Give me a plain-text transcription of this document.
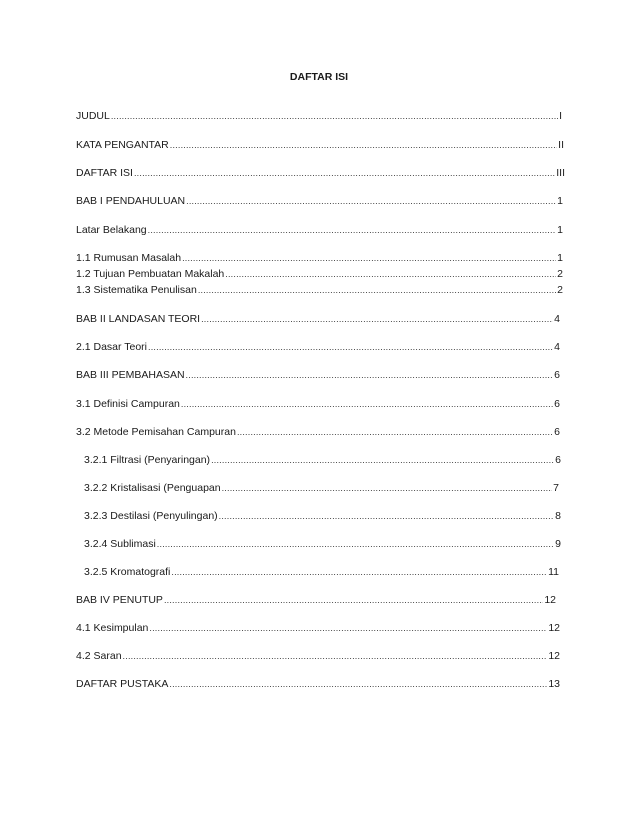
DAFTAR ISI
JUDUL .....	I
KATA PENGANTAR .....	II
DAFTAR ISI .....	III
BAB I PENDAHULUAN .....	1
Latar Belakang .....	1
1.1 Rumusan Masalah .....	1
1.2 Tujuan Pembuatan Makalah .....	2
1.3 Sistematika Penulisan .....	2
BAB II LANDASAN TEORI .....	4
2.1 Dasar Teori .....	4
BAB III PEMBAHASAN .....	6
3.1 Definisi Campuran .....	6
3.2 Metode Pemisahan Campuran .....	6
3.2.1 Filtrasi (Penyaringan) .....	6
3.2.2 Kristalisasi (Penguapan .....	7
3.2.3 Destilasi (Penyulingan) .....	8
3.2.4 Sublimasi .....	9
3.2.5 Kromatografi .....	11
BAB IV PENUTUP .....	12
4.1 Kesimpulan .....	12
4.2 Saran .....	12
DAFTAR PUSTAKA .....	13
